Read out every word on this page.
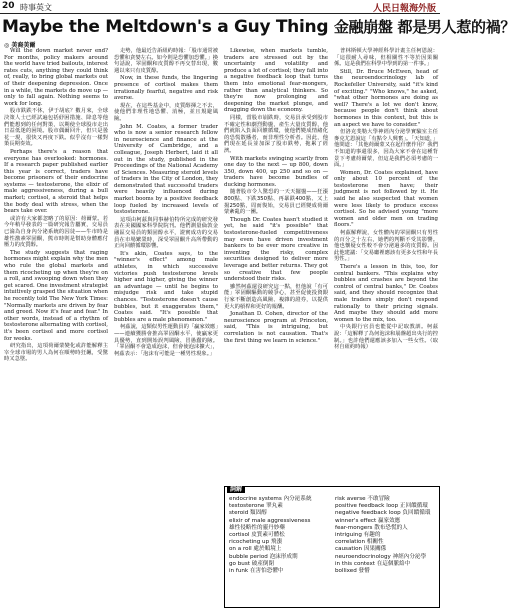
20 時事英文	人民日報海外版
Maybe the Meltdown's a Guy Thing 金融崩盤 都是男人惹的禍？
◎ 美裔美爾

Will the down market never end? For months, policy makers around the world have tried bailouts, interest rates cuts, anything they could think of, really, to bring global markets out of their deepening depression. Once in a while, the markets do move up — only to fall again. Nothing seems to work for long.

股市跌跌不休，伊于胡底？數月來，全球決策人士已經試遍包括紓困措施、降息等他們能想到的任何對策，以期使全球股市走出日益低迷的困境。股市偶爾回升，但只是曇花一現，很快又再度下跌。似乎沒有一樣對策長期奏效。

Perhaps there's a reason that everyone has overlooked: hormones. If a research paper published earlier this year is correct, traders have become prisoners of their endocrine systems — testosterone, the elixir of male aggressiveness, during a bull market; cortisol, a steroid that helps the body deal with stress, when the bears take over.

或許有大家都忽略了的原因：荷爾蒙。若今年稍早發表的一篇研究報告屬實，交易員已淪為自身內分泌系統的囚徒——牛市時是雄性激素睪固酮，熊市時則是幫助身體應付壓力的皮質醇。

The study suggests that raging hormones might explain why the men who rule the global markets and them ricocheting up when they're on a roll, and swooping down when they get scared. One investment strategist intuitively grasped the situation when he recently told The New York Times: "Normally markets are driven by fear and greed. Now it's fear and fear." In other words, instead of a rhythm of testosterone alternating with cortisol, it's been cortisol and more cortisol for weeks.

研究指出，這項荷爾蒙變化或許能解釋主宰全球市場的男人為何在順勢時狂飆，受驚時又急墜。

走勢，他最近告訴紐約時報：「股市通常被恐懼和貪婪左右。如今則是恐懼加恐懼。」換句話說，睪固酮和皮質醇不再交替出現，數週以來只有皮質醇。

Now, in these funds, the lingering presence of cortisol makes them irrationally fearful, negative and risk averse.

現在，在這些基金中，皮質醇揮之不去，使他們非理性地恐懼、消極，並且規避風險。

John M. Coates, a former trader who is now a senior research fellow in neuroscience and finance at the University of Cambridge, and a colleague, Joseph Herbert, laid it all out in the study, published in the Proceedings of the National Academy of Sciences. Measuring steroid levels of traders in the City of London, they demonstrated that successful traders were heavily influenced during market booms by a positive feedback loop fueled by increased levels of testosterone.

這項由柯茲與同事赫伯特所完成的研究發表在美國國家科學院院刊。他們測量倫敦金融區交易員的類固醇水平，證實成功的交易員在市場繁榮時，深受睪固酮升高所帶動的正向回饋循環影響。

It's akin, Coates says, to the "winner's effect" among male athletes, in which successive victories push testosterone levels higher and higher, giving the winner an advantage — until he begins to misjudge risk and take stupid chances. "Testosterone doesn't cause bubbles, but it exaggerates them," Coates said. "It's possible that bubbles are a male phenomenon."

柯茲說，這類似男性運動員的「贏家效應」——連續獲勝會推高睪固酮水平，使贏家更具優勢，直到開始誤判風險、冒愚蠢的險。「睪固酮不會造成泡沫，但會使泡沫擴大」，柯茲表示：「泡沫有可能是一種男性現象。」

Likewise, when markets tumble, traders are stressed out by the uncertainty and volatility and produce a lot of cortisol; they fall into a negative feedback loop that turns them into emotional fear-mongers, rather than analytical thinkers. So they're now prolonging and deepening the market plunge, and dragging down the economy.

同樣，當股市崩跌時，交易員承受到股市不確定性和劇烈動盪，產生大量皮質醇，他們就陷入負面回饋循環，使他們變成情緒化的恐慌散播者，而非理性分析者。因此，他們現在延長並加深了股市跌勢，拖累了經濟。

With markets swinging scarily from one day to the next — up 800, down 350, down 400, up 250 and so on — traders have become bundles of ducking hormones.

隨著股市令人驚恐的一天天擺盪——狂漲800點、下跌350點、再暴跌400點、又上揚250點，周而復始，交易員已經變成荷爾蒙紊亂的一團。

Though Dr. Coates hasn't studied it yet, he said "it's possible" that testosterone-fueled competitiveness may even have driven investment bankers to be ever more creative in inventing the risky, complex securities designed to deliver more leverage and better returns. They got so creative that few people understood their risks.

雖然柯茲還沒研究這一點，但他說「有可能」睪固酮驅動的競爭心，甚至促使投資銀行家不斷創造高風險、複雜的證券，以提供更大的槓桿和更好的報酬。

Jonathan D. Cohen, director of the neuroscience program at Princeton, said, "This is intriguing, but correlation is not causation. That's the first thing we learn in science."

普林斯頓大學神經科學計畫主任柯恩說：「這很耐人尋味，但相關性不等於因果關係。這是我們在科學中學到的第一件事。」

Still, Dr. Bruce McEwen, head of the neuroendocrinology lab of Rockefeller University, said "it's kind of exciting." "Who knows," he asked, "what other hormones are doing as well? There's a lot we don't know, because people don't think about hormones in this context, but this is an aspect we have to consider."

但洛克斐勒大學神經內分泌學實驗室主任麥克尤恩說這「有點令人興奮」。「天知道，」他問道：「其他荷爾蒙又在起什麼作用？我們不知道的事還很多，因為大家不會在這種背景下考慮荷爾蒙，但這是我們必須考慮的一面。」

Women, Dr. Coates explained, have only about 10 percent of the testosterone men have; their judgment is not followed by it. He said he also suspected that women were less likely to produce excess cortisol. So he advised young "more women and older men on trading floors."

柯茲解釋說，女性體內的睪固酮只有男性的百分之十左右，她們的判斷不受其影響。他也懷疑女性較不會分泌過多的皮質醇。因此他建議：「交易廳裡應該有更多女性和年長男性。」

There's a lesson in this, too, for central bankers. "This explains why bubbles and crashes are beyond the control of central banks," Dr. Coates said, and they should recognize that male traders simply don't respond rationally to their pricing signals. And maybe they should add more women to the mix, too.

中央銀行官員也能從中記取教訓。柯茲說：「這解釋了為何泡沫和崩盤超出央行的控制。」也許他們還應該多加入一些女性。（取材自紐約時報）

詞解
endocrine systems 內分泌系統
testosterone 睪丸素
steroid 類固醇
elixir of male aggressiveness
雄性侵略性的靈丹妙藥
cortisol 皮質素可體松
ricocheting up 飛漲
on a roll 處於順境上
bubble period 泡沫形成期
go bust 破產倒閉
in funk 在害怕恐懼中
risk averse 不敢冒險
positive feedback loop 正回饋循環
negative feedback loop 負回饋循環
winner's effect 贏家效應
fear-mongers 散布恐慌的人
intriguing 有趣的
correlation 相關性
causation 因果關係
neuroendocrinology 神經內分泌學
in this context 在這個脈絡中
bollixed 發懵
